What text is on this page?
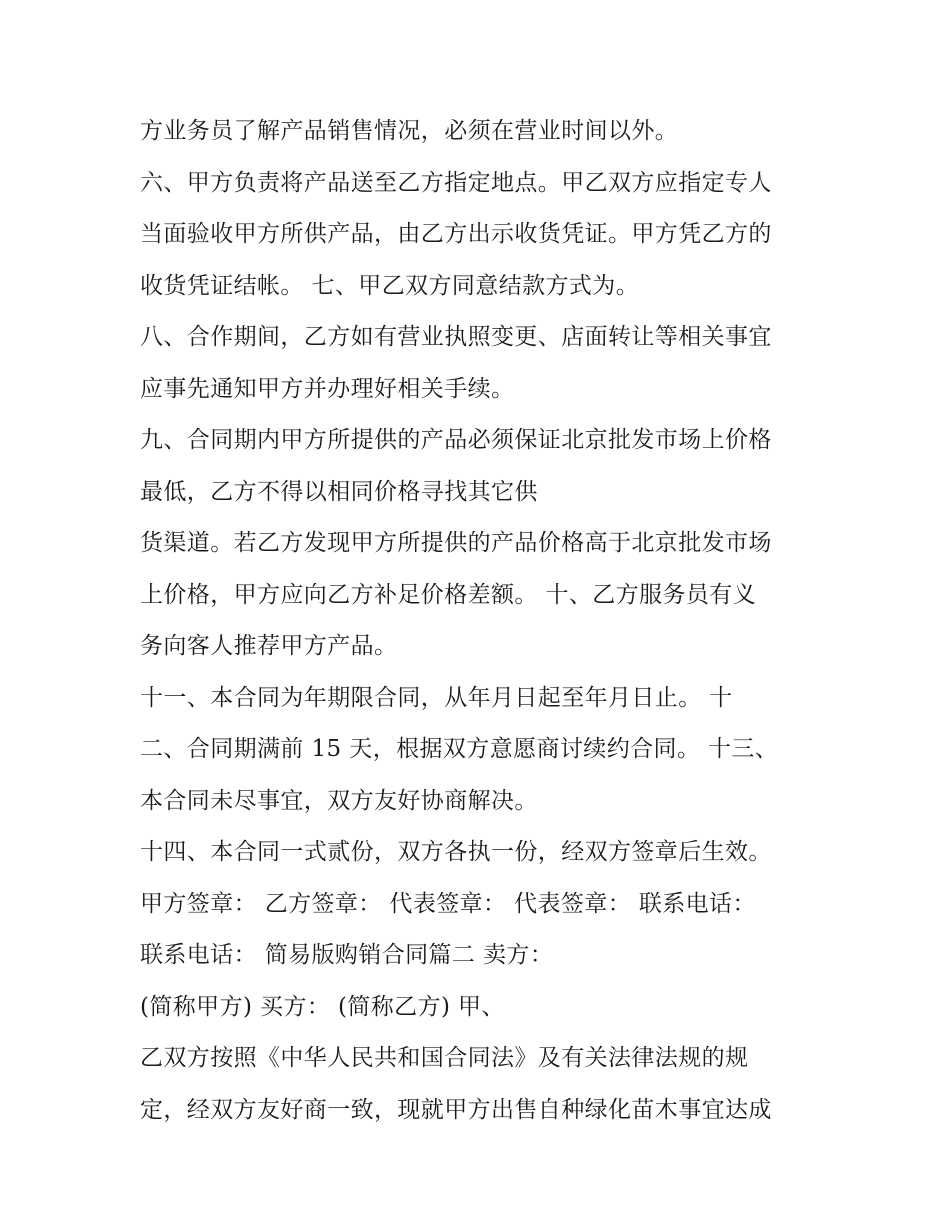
方业务员了解产品销售情况，必须在营业时间以外。
六、甲方负责将产品送至乙方指定地点。甲乙双方应指定专人
当面验收甲方所供产品，由乙方出示收货凭证。甲方凭乙方的
收货凭证结帐。 七、甲乙双方同意结款方式为。
八、合作期间，乙方如有营业执照变更、店面转让等相关事宜
应事先通知甲方并办理好相关手续。
九、合同期内甲方所提供的产品必须保证北京批发市场上价格
最低，乙方不得以相同价格寻找其它供
货渠道。若乙方发现甲方所提供的产品价格高于北京批发市场
上价格，甲方应向乙方补足价格差额。 十、乙方服务员有义
务向客人推荐甲方产品。
十一、本合同为年期限合同，从年月日起至年月日止。 十
二、合同期满前 15 天，根据双方意愿商讨续约合同。 十三、
本合同未尽事宜，双方友好协商解决。
十四、本合同一式贰份，双方各执一份，经双方签章后生效。
甲方签章： 乙方签章： 代表签章： 代表签章： 联系电话：
联系电话： 简易版购销合同篇二 卖方：
(简称甲方) 买方： (简称乙方) 甲、
乙双方按照《中华人民共和国合同法》及有关法律法规的规
定，经双方友好商一致，现就甲方出售自种绿化苗木事宜达成
